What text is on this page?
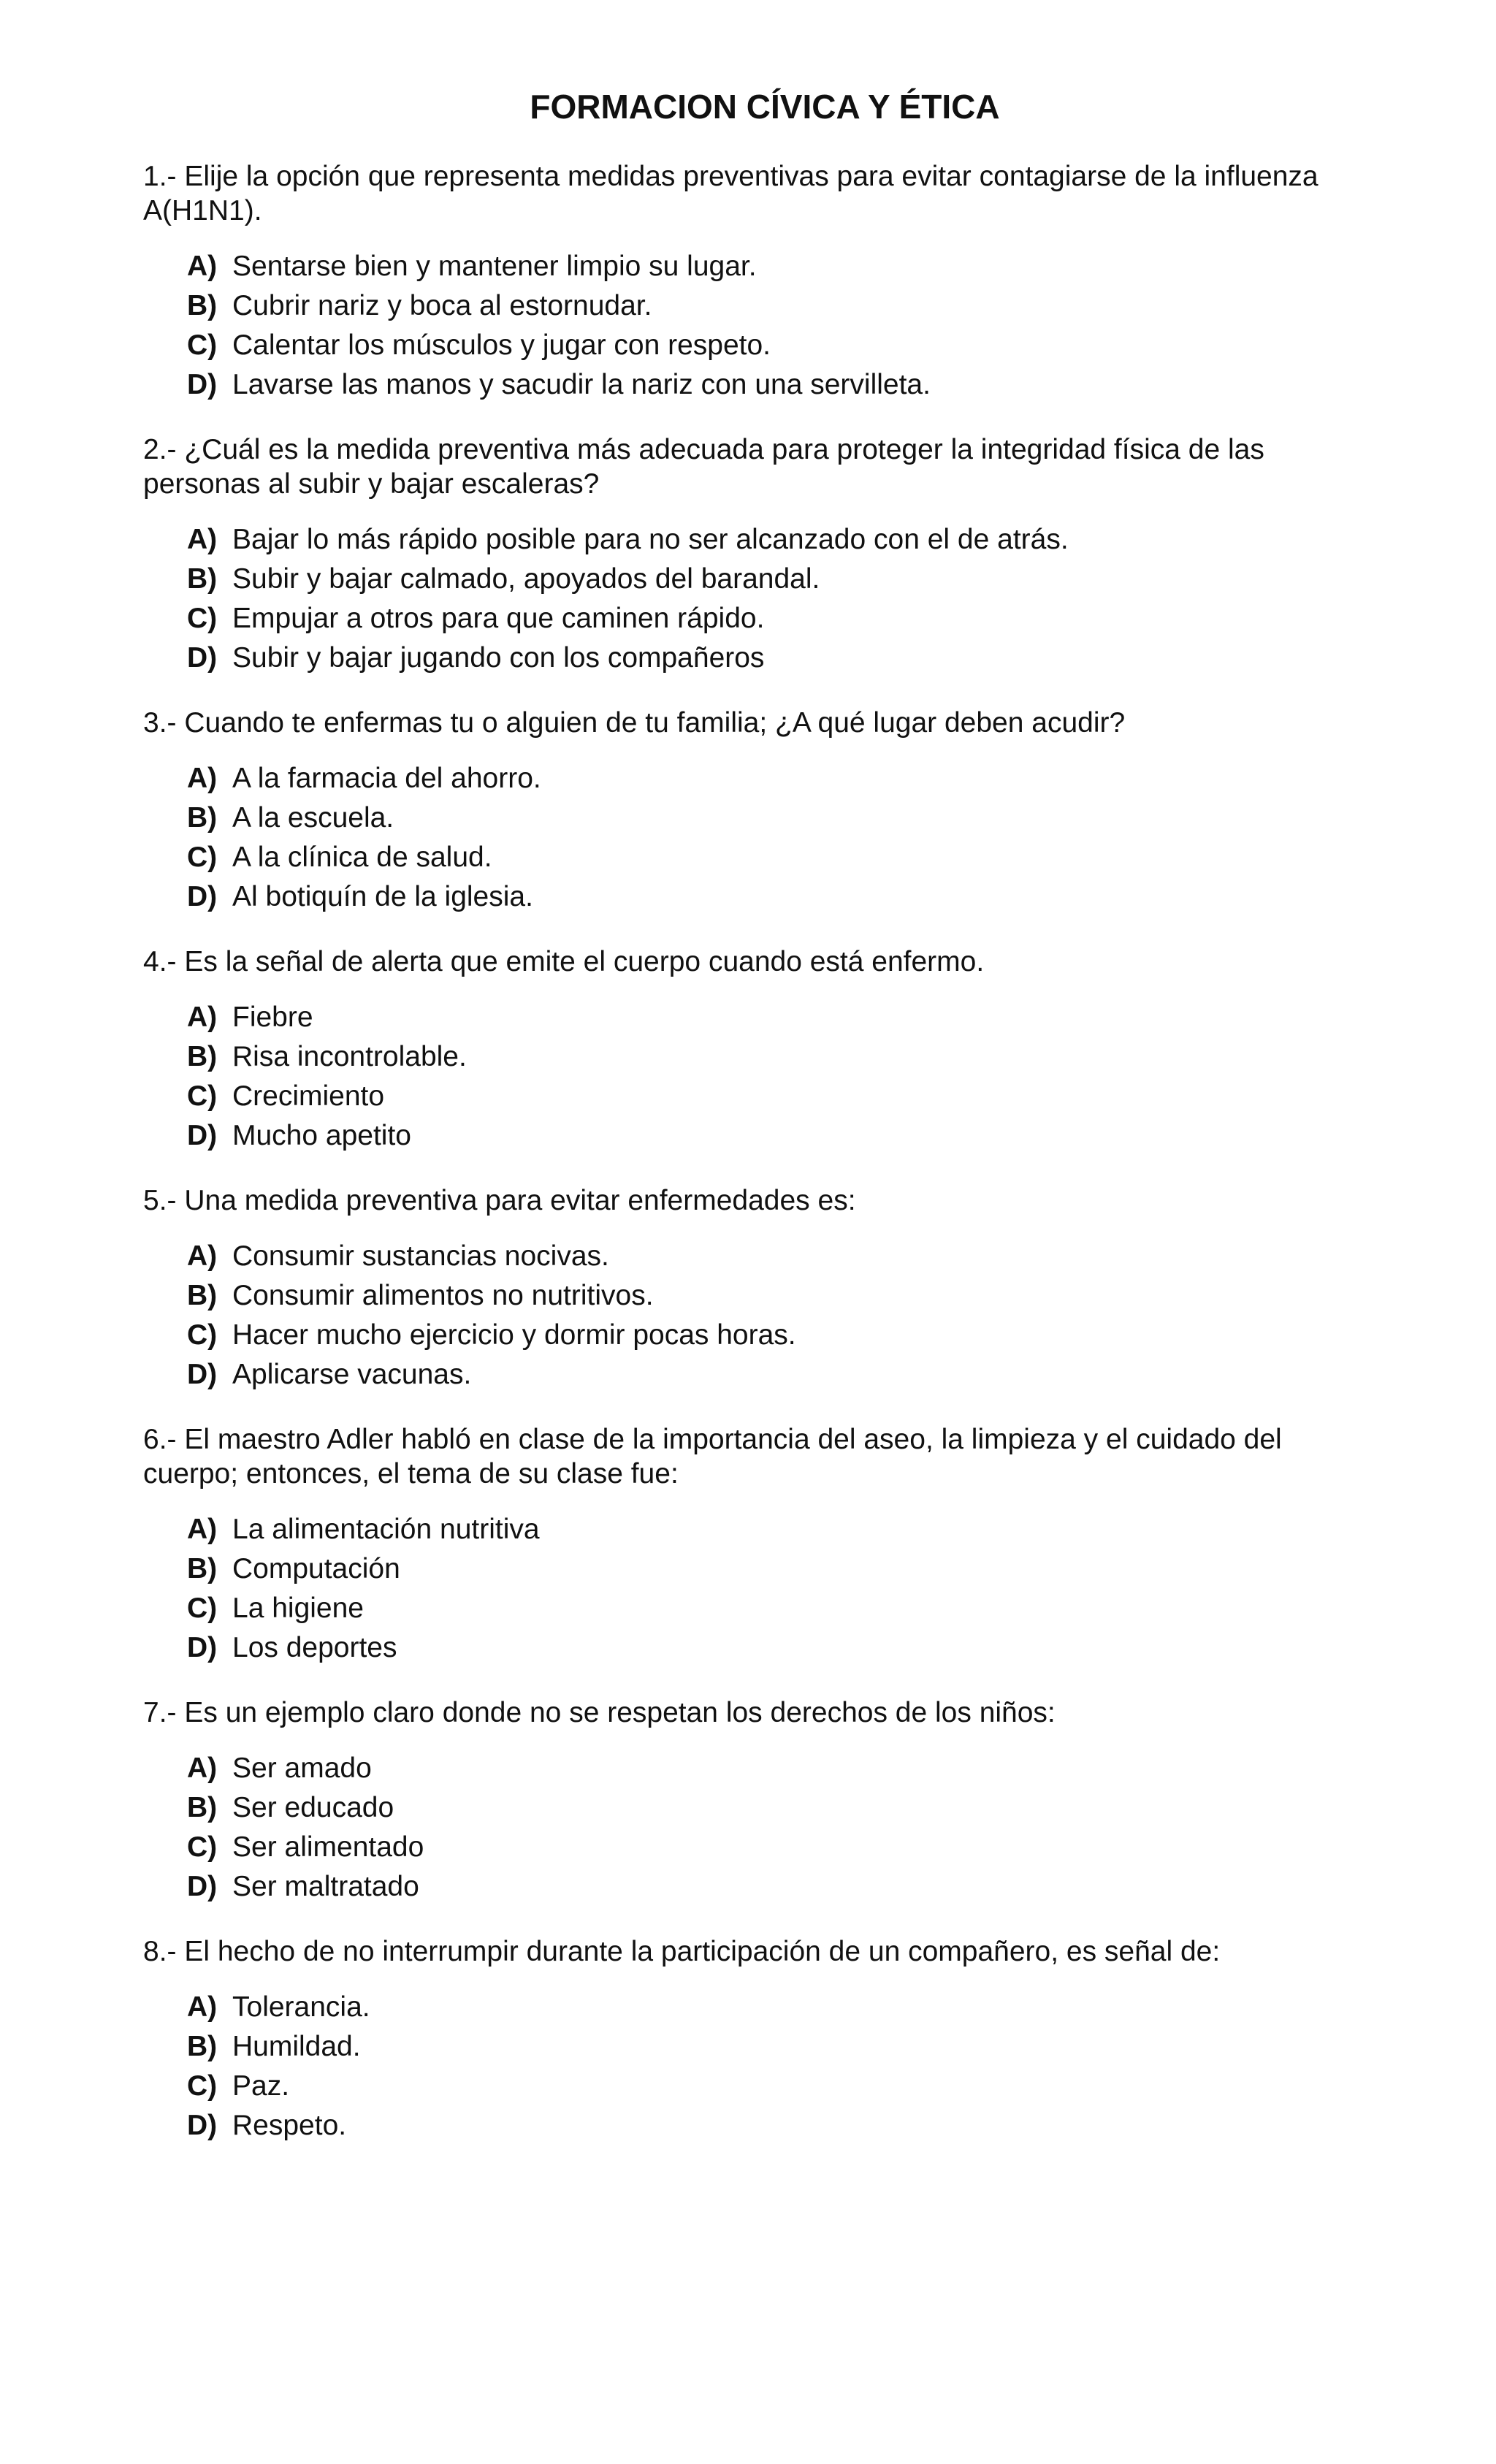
FORMACION CÍVICA Y ÉTICA

1.- Elije la opción que representa medidas preventivas para evitar contagiarse de la influenza A(H1N1).

A) Sentarse bien y mantener limpio su lugar.
B) Cubrir nariz y boca al estornudar.
C) Calentar los músculos y jugar con respeto.
D) Lavarse las manos y sacudir la nariz con una servilleta.

2.- ¿Cuál es la medida preventiva más adecuada para proteger la integridad física de las personas al subir y bajar escaleras?

A) Bajar lo más rápido posible para no ser alcanzado con el de atrás.
B) Subir y bajar calmado, apoyados del barandal.
C) Empujar a otros para que caminen rápido.
D) Subir y bajar jugando con los compañeros

3.- Cuando te enfermas tu o alguien de tu familia; ¿A qué lugar deben acudir?

A) A la farmacia del ahorro.
B) A la escuela.
C) A la clínica de salud.
D) Al botiquín de la iglesia.

4.- Es la señal de alerta que emite el cuerpo cuando está enfermo.

A) Fiebre
B) Risa incontrolable.
C) Crecimiento
D) Mucho apetito

5.- Una medida preventiva para evitar enfermedades es:

A) Consumir sustancias nocivas.
B) Consumir alimentos no nutritivos.
C) Hacer mucho ejercicio y dormir pocas horas.
D) Aplicarse vacunas.

6.- El maestro Adler habló en clase de la importancia del aseo, la limpieza y el cuidado del cuerpo; entonces, el tema de su clase fue:

A) La alimentación nutritiva
B) Computación
C) La higiene
D) Los deportes

7.- Es un ejemplo claro donde no se respetan los derechos de los niños:

A) Ser amado
B) Ser educado
C) Ser alimentado
D) Ser maltratado

8.- El hecho de no interrumpir durante la participación de un compañero, es señal de:

A) Tolerancia.
B) Humildad.
C) Paz.
D) Respeto.
